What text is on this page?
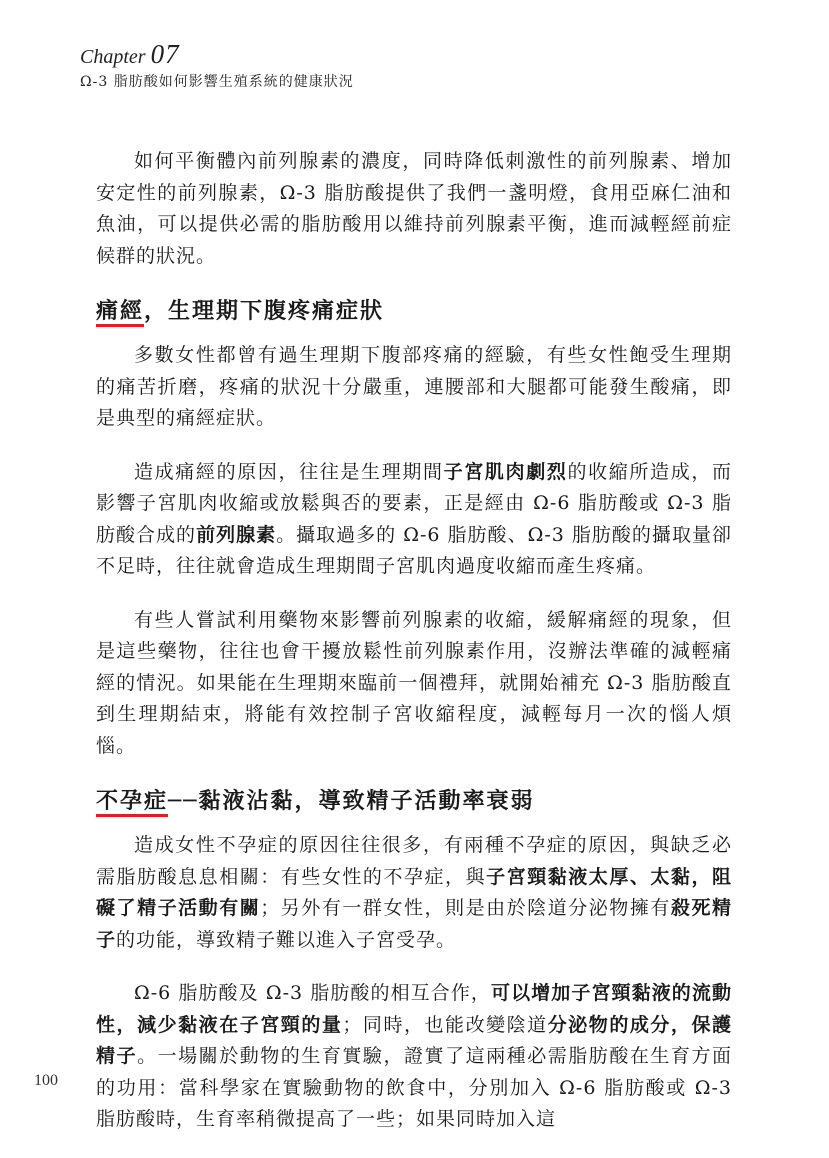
Chapter 07
Ω-3 脂肪酸如何影響生殖系統的健康狀況

如何平衡體內前列腺素的濃度，同時降低刺激性的前列腺素、增加安定性的前列腺素，Ω-3 脂肪酸提供了我們一盞明燈，食用亞麻仁油和魚油，可以提供必需的脂肪酸用以維持前列腺素平衡，進而減輕經前症候群的狀況。

痛經，生理期下腹疼痛症狀

多數女性都曾有過生理期下腹部疼痛的經驗，有些女性飽受生理期的痛苦折磨，疼痛的狀況十分嚴重，連腰部和大腿都可能發生酸痛，即是典型的痛經症狀。

造成痛經的原因，往往是生理期間子宮肌肉劇烈的收縮所造成，而影響子宮肌肉收縮或放鬆與否的要素，正是經由 Ω-6 脂肪酸或 Ω-3 脂肪酸合成的前列腺素。攝取過多的 Ω-6 脂肪酸、Ω-3 脂肪酸的攝取量卻不足時，往往就會造成生理期間子宮肌肉過度收縮而產生疼痛。

有些人嘗試利用藥物來影響前列腺素的收縮，緩解痛經的現象，但是這些藥物，往往也會干擾放鬆性前列腺素作用，沒辦法準確的減輕痛經的情況。如果能在生理期來臨前一個禮拜，就開始補充 Ω-3 脂肪酸直到生理期結束，將能有效控制子宮收縮程度，減輕每月一次的惱人煩惱。

不孕症──黏液沾黏，導致精子活動率衰弱

造成女性不孕症的原因往往很多，有兩種不孕症的原因，與缺乏必需脂肪酸息息相關：有些女性的不孕症，與子宮頸黏液太厚、太黏，阻礙了精子活動有關；另外有一群女性，則是由於陰道分泌物擁有殺死精子的功能，導致精子難以進入子宮受孕。

Ω-6 脂肪酸及 Ω-3 脂肪酸的相互合作，可以增加子宮頸黏液的流動性，減少黏液在子宮頸的量；同時，也能改變陰道分泌物的成分，保護精子。一場關於動物的生育實驗，證實了這兩種必需脂肪酸在生育方面的功用：當科學家在實驗動物的飲食中，分別加入 Ω-6 脂肪酸或 Ω-3 脂肪酸時，生育率稍微提高了一些；如果同時加入這

100
